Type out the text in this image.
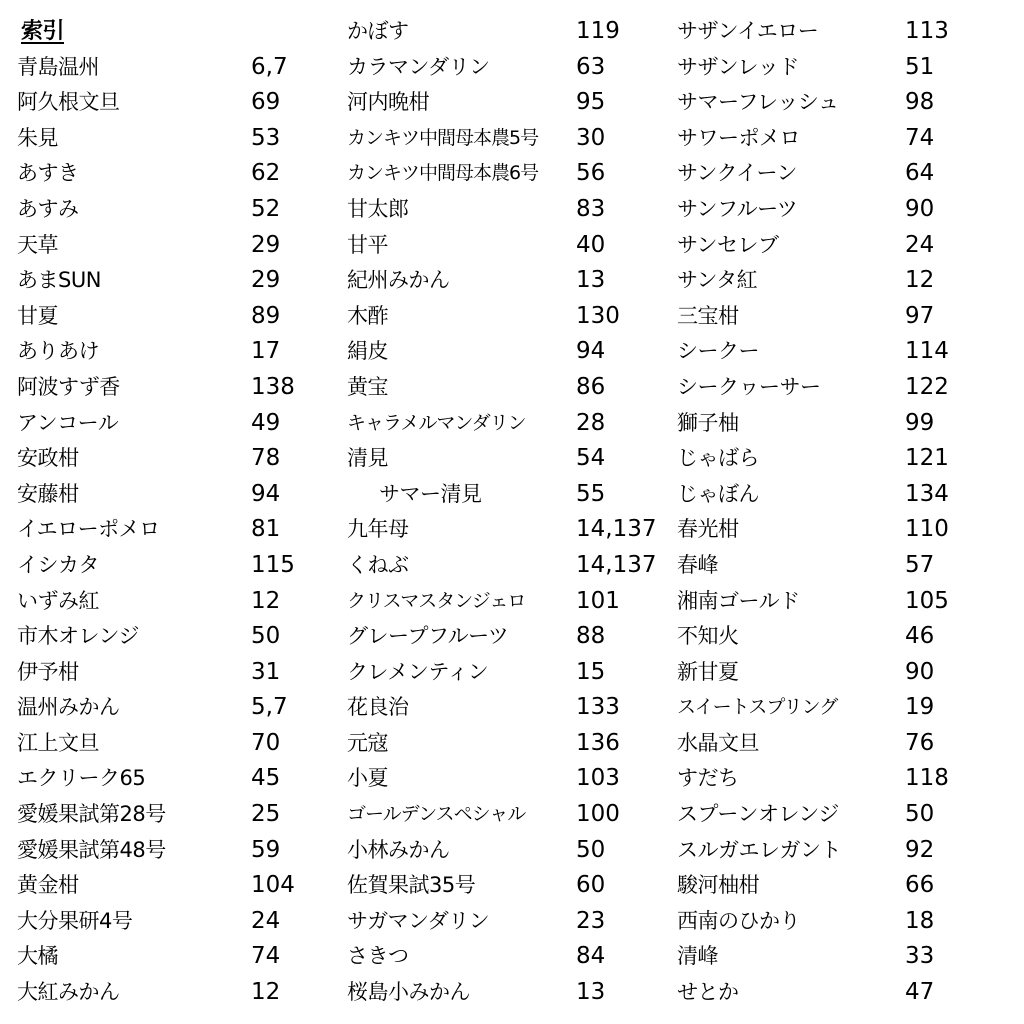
索引
青島温州	6,7
阿久根文旦	69
朱見	53
あすき	62
あすみ	52
天草	29
あまSUN	29
甘夏	89
ありあけ	17
阿波すず香	138
アンコール	49
安政柑	78
安藤柑	94
イエローポメロ	81
イシカタ	115
いずみ紅	12
市木オレンジ	50
伊予柑	31
温州みかん	5,7
江上文旦	70
エクリーク65	45
愛媛果試第28号	25
愛媛果試第48号	59
黄金柑	104
大分果研4号	24
大橘	74
大紅みかん	12
かぼす	119
カラマンダリン	63
河内晩柑	95
カンキツ中間母本農5号 30
カンキツ中間母本農6号 56
甘太郎	83
甘平	40
紀州みかん	13
木酢	130
絹皮	94
黄宝	86
キャラメルマンダリン 28
清見	54
サマー清見	55
九年母	14,137
くねぶ	14,137
クリスマスタンジェロ 101
グレープフルーツ	88
クレメンティン	15
花良治	133
元寇	136
小夏	103
ゴールデンスペシャル 100
小林みかん	50
佐賀果試35号	60
サガマンダリン	23
さきつ	84
桜島小みかん	13
サザンイエロー	113
サザンレッド	51
サマーフレッシュ	98
サワーポメロ	74
サンクイーン	64
サンフルーツ	90
サンセレブ	24
サンタ紅	12
三宝柑	97
シークー	114
シークヮーサー	122
獅子柚	99
じゃばら	121
じゃぼん	134
春光柑	110
春峰	57
湘南ゴールド	105
不知火	46
新甘夏	90
スイートスプリング	19
水晶文旦	76
すだち	118
スプーンオレンジ	50
スルガエレガント	92
駿河柚柑	66
西南のひかり	18
清峰	33
せとか	47
